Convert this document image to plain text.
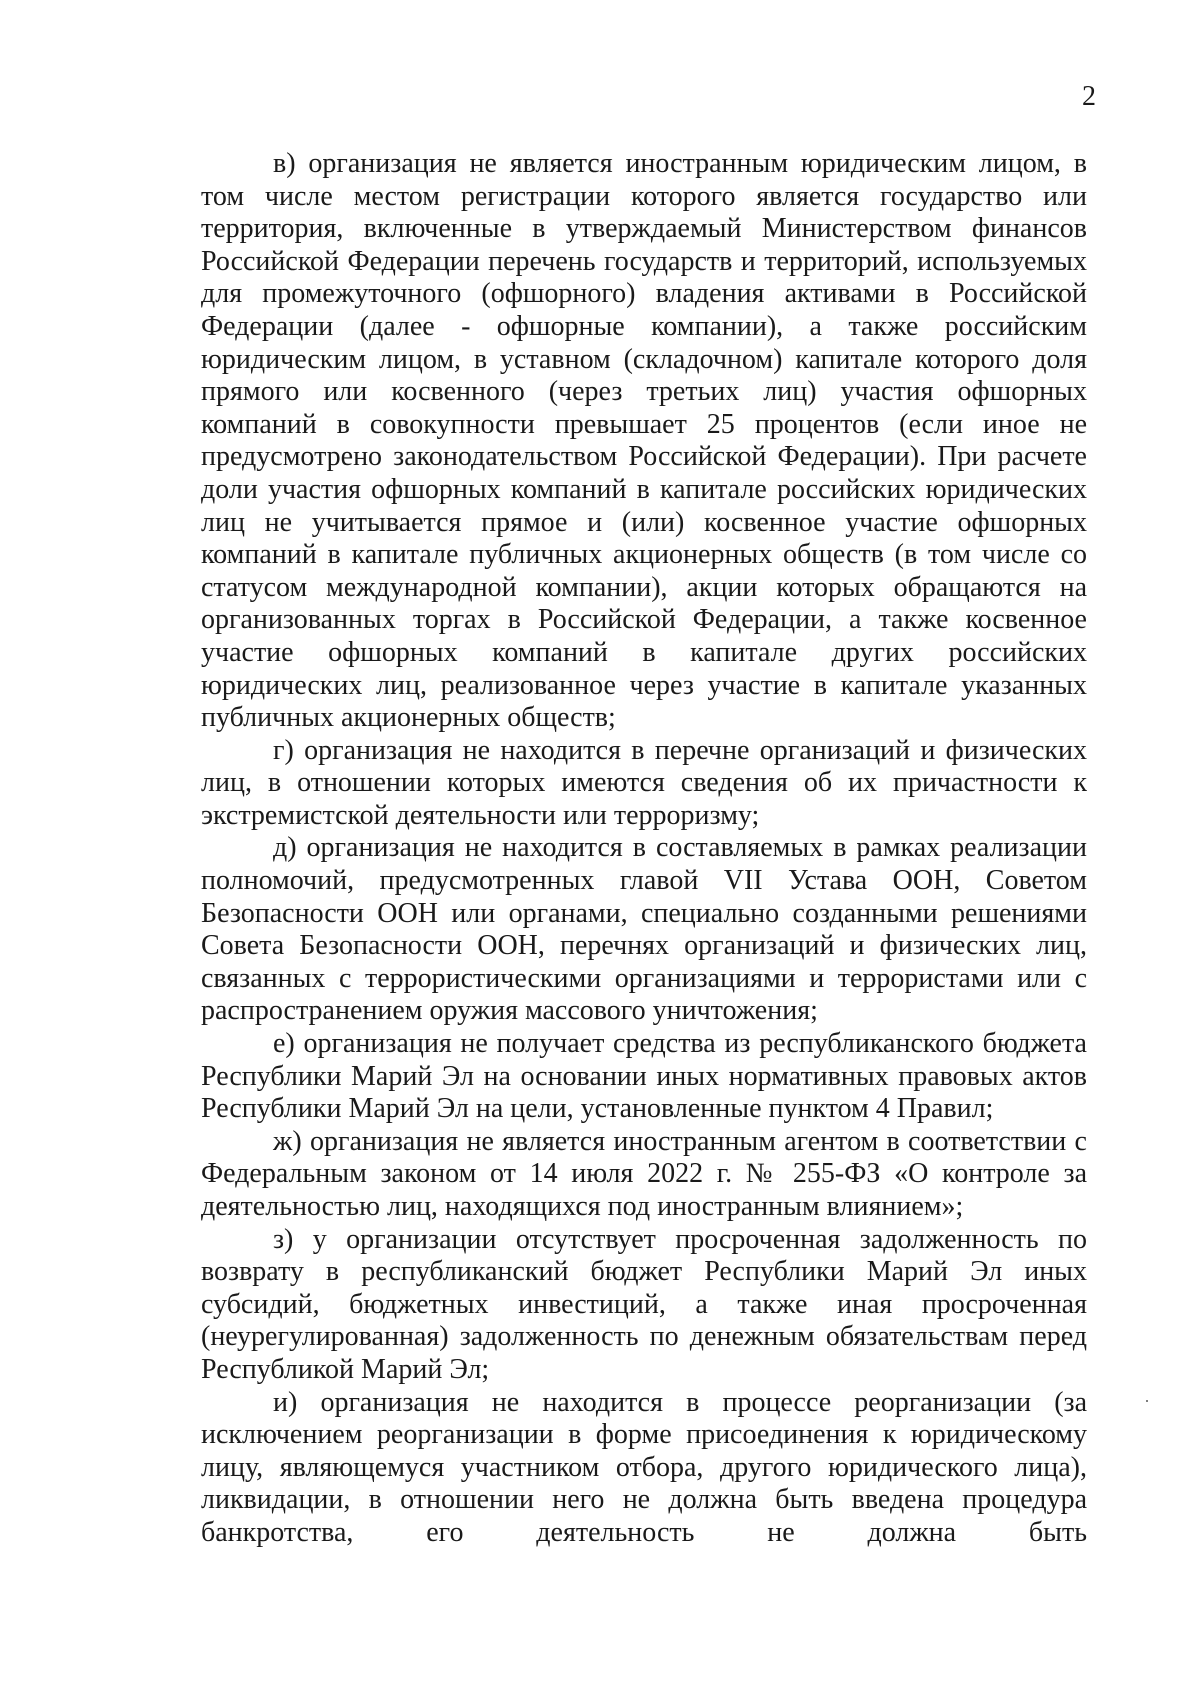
2

в) организация не является иностранным юридическим лицом, в том числе местом регистрации которого является государство или территория, включенные в утверждаемый Министерством финансов Российской Федерации перечень государств и территорий, используемых для промежуточного (офшорного) владения активами в Российской Федерации (далее - офшорные компании), а также российским юридическим лицом, в уставном (складочном) капитале которого доля прямого или косвенного (через третьих лиц) участия офшорных компаний в совокупности превышает 25 процентов (если иное не предусмотрено законодательством Российской Федерации). При расчете доли участия офшорных компаний в капитале российских юридических лиц не учитывается прямое и (или) косвенное участие офшорных компаний в капитале публичных акционерных обществ (в том числе со статусом международной компании), акции которых обращаются на организованных торгах в Российской Федерации, а также косвенное участие офшорных компаний в капитале других российских юридических лиц, реализованное через участие в капитале указанных публичных акционерных обществ;

г) организация не находится в перечне организаций и физических лиц, в отношении которых имеются сведения об их причастности к экстремистской деятельности или терроризму;

д) организация не находится в составляемых в рамках реализации полномочий, предусмотренных главой VII Устава ООН, Советом Безопасности ООН или органами, специально созданными решениями Совета Безопасности ООН, перечнях организаций и физических лиц, связанных с террористическими организациями и террористами или с распространением оружия массового уничтожения;

е) организация не получает средства из республиканского бюджета Республики Марий Эл на основании иных нормативных правовых актов Республики Марий Эл на цели, установленные пунктом 4 Правил;

ж) организация не является иностранным агентом в соответствии с Федеральным законом от 14 июля 2022 г. № 255-ФЗ «О контроле за деятельностью лиц, находящихся под иностранным влиянием»;

з) у организации отсутствует просроченная задолженность по возврату в республиканский бюджет Республики Марий Эл иных субсидий, бюджетных инвестиций, а также иная просроченная (неурегулированная) задолженность по денежным обязательствам перед Республикой Марий Эл;

и) организация не находится в процессе реорганизации (за исключением реорганизации в форме присоединения к юридическому лицу, являющемуся участником отбора, другого юридического лица), ликвидации, в отношении него не должна быть введена процедура банкротства, его деятельность не должна быть
